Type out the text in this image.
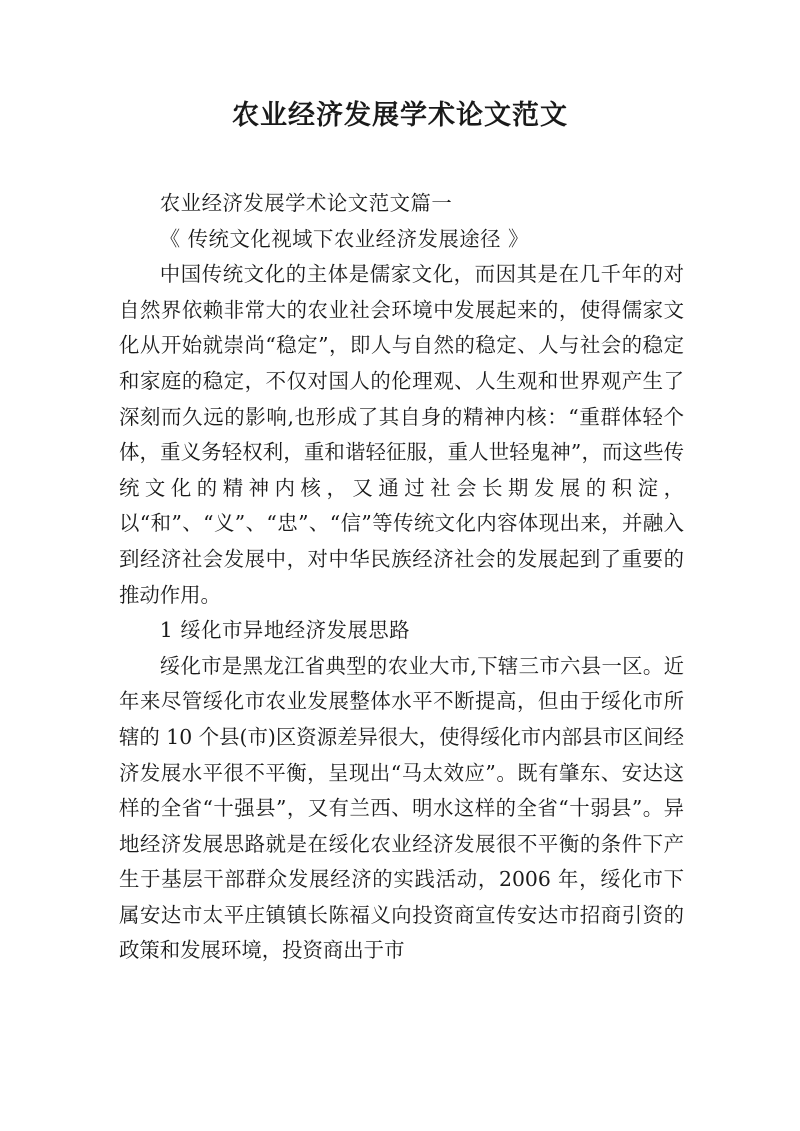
农业经济发展学术论文范文

农业经济发展学术论文范文篇一

《 传统文化视域下农业经济发展途径 》

中国传统文化的主体是儒家文化，而因其是在几千年的对自然界依赖非常大的农业社会环境中发展起来的，使得儒家文化从开始就崇尚“稳定”，即人与自然的稳定、人与社会的稳定和家庭的稳定，不仅对国人的伦理观、人生观和世界观产生了深刻而久远的影响,也形成了其自身的精神内核：“重群体轻个体，重义务轻权利，重和谐轻征服，重人世轻鬼神”，而这些传统文化的精神内核，又通过社会长期发展的积淀，以“和”、“义”、“忠”、“信”等传统文化内容体现出来，并融入到经济社会发展中，对中华民族经济社会的发展起到了重要的推动作用。

1 绥化市异地经济发展思路

绥化市是黑龙江省典型的农业大市,下辖三市六县一区。近年来尽管绥化市农业发展整体水平不断提高，但由于绥化市所辖的 10 个县(市)区资源差异很大，使得绥化市内部县市区间经济发展水平很不平衡，呈现出“马太效应”。既有肇东、安达这样的全省“十强县”，又有兰西、明水这样的全省“十弱县”。异地经济发展思路就是在绥化农业经济发展很不平衡的条件下产生于基层干部群众发展经济的实践活动，2006 年，绥化市下属安达市太平庄镇镇长陈福义向投资商宣传安达市招商引资的政策和发展环境，投资商出于市
